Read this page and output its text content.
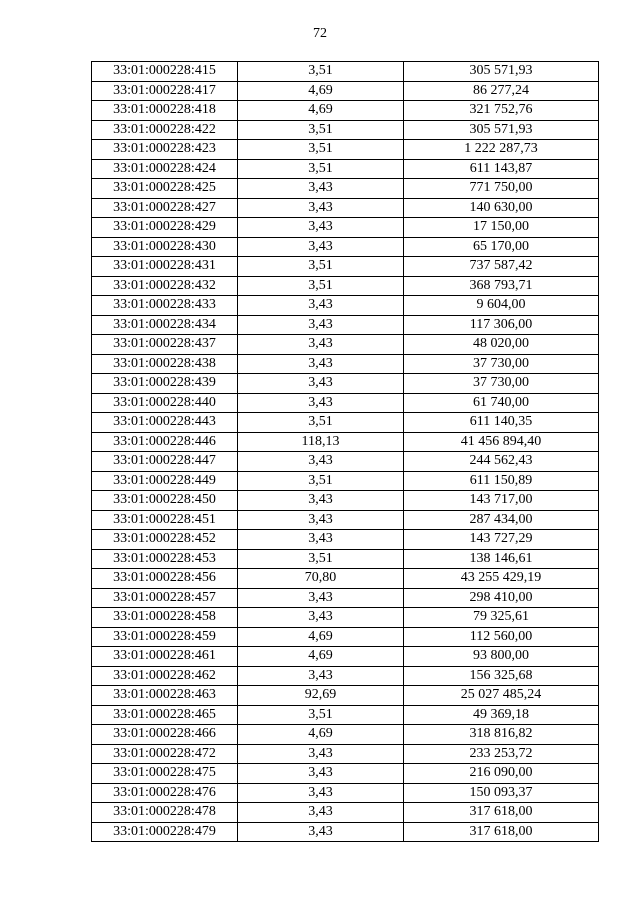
72
33:01:000228:415	3,51	305 571,93
33:01:000228:417	4,69	86 277,24
33:01:000228:418	4,69	321 752,76
33:01:000228:422	3,51	305 571,93
33:01:000228:423	3,51	1 222 287,73
33:01:000228:424	3,51	611 143,87
33:01:000228:425	3,43	771 750,00
33:01:000228:427	3,43	140 630,00
33:01:000228:429	3,43	17 150,00
33:01:000228:430	3,43	65 170,00
33:01:000228:431	3,51	737 587,42
33:01:000228:432	3,51	368 793,71
33:01:000228:433	3,43	9 604,00
33:01:000228:434	3,43	117 306,00
33:01:000228:437	3,43	48 020,00
33:01:000228:438	3,43	37 730,00
33:01:000228:439	3,43	37 730,00
33:01:000228:440	3,43	61 740,00
33:01:000228:443	3,51	611 140,35
33:01:000228:446	118,13	41 456 894,40
33:01:000228:447	3,43	244 562,43
33:01:000228:449	3,51	611 150,89
33:01:000228:450	3,43	143 717,00
33:01:000228:451	3,43	287 434,00
33:01:000228:452	3,43	143 727,29
33:01:000228:453	3,51	138 146,61
33:01:000228:456	70,80	43 255 429,19
33:01:000228:457	3,43	298 410,00
33:01:000228:458	3,43	79 325,61
33:01:000228:459	4,69	112 560,00
33:01:000228:461	4,69	93 800,00
33:01:000228:462	3,43	156 325,68
33:01:000228:463	92,69	25 027 485,24
33:01:000228:465	3,51	49 369,18
33:01:000228:466	4,69	318 816,82
33:01:000228:472	3,43	233 253,72
33:01:000228:475	3,43	216 090,00
33:01:000228:476	3,43	150 093,37
33:01:000228:478	3,43	317 618,00
33:01:000228:479	3,43	317 618,00
